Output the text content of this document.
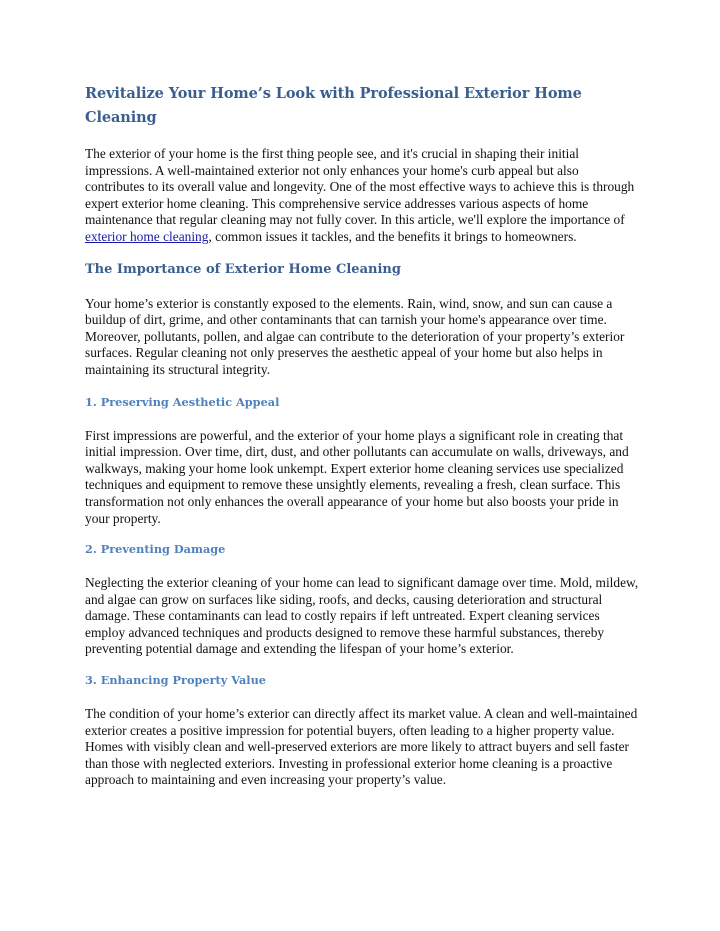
Revitalize Your Home’s Look with Professional Exterior Home Cleaning

The exterior of your home is the first thing people see, and it's crucial in shaping their initial impressions. A well-maintained exterior not only enhances your home's curb appeal but also contributes to its overall value and longevity. One of the most effective ways to achieve this is through expert exterior home cleaning. This comprehensive service addresses various aspects of home maintenance that regular cleaning may not fully cover. In this article, we'll explore the importance of exterior home cleaning, common issues it tackles, and the benefits it brings to homeowners.

The Importance of Exterior Home Cleaning

Your home’s exterior is constantly exposed to the elements. Rain, wind, snow, and sun can cause a buildup of dirt, grime, and other contaminants that can tarnish your home's appearance over time. Moreover, pollutants, pollen, and algae can contribute to the deterioration of your property’s exterior surfaces. Regular cleaning not only preserves the aesthetic appeal of your home but also helps in maintaining its structural integrity.

1. Preserving Aesthetic Appeal

First impressions are powerful, and the exterior of your home plays a significant role in creating that initial impression. Over time, dirt, dust, and other pollutants can accumulate on walls, driveways, and walkways, making your home look unkempt. Expert exterior home cleaning services use specialized techniques and equipment to remove these unsightly elements, revealing a fresh, clean surface. This transformation not only enhances the overall appearance of your home but also boosts your pride in your property.

2. Preventing Damage

Neglecting the exterior cleaning of your home can lead to significant damage over time. Mold, mildew, and algae can grow on surfaces like siding, roofs, and decks, causing deterioration and structural damage. These contaminants can lead to costly repairs if left untreated. Expert cleaning services employ advanced techniques and products designed to remove these harmful substances, thereby preventing potential damage and extending the lifespan of your home’s exterior.

3. Enhancing Property Value

The condition of your home’s exterior can directly affect its market value. A clean and well-maintained exterior creates a positive impression for potential buyers, often leading to a higher property value. Homes with visibly clean and well-preserved exteriors are more likely to attract buyers and sell faster than those with neglected exteriors. Investing in professional exterior home cleaning is a proactive approach to maintaining and even increasing your property’s value.
